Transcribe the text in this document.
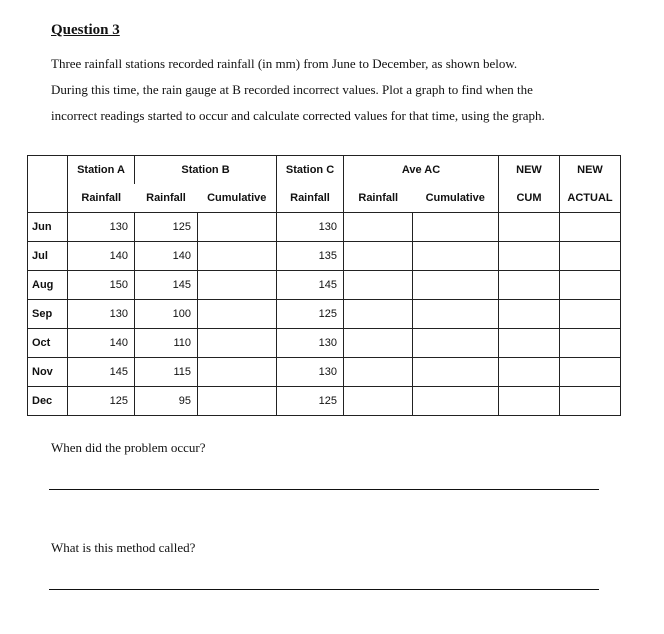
Question 3
Three rainfall stations recorded rainfall (in mm) from June to December, as shown below.
During this time, the rain gauge at B recorded incorrect values. Plot a graph to find when the
incorrect readings started to occur and calculate corrected values for that time, using the graph.
	Station A	Station B		Station C	Ave AC		NEW	NEW
	Rainfall	Rainfall	Cumulative	Rainfall	Rainfall	Cumulative	CUM	ACTUAL
Jun	130	125		130				
Jul	140	140		135				
Aug	150	145		145				
Sep	130	100		125				
Oct	140	110		130				
Nov	145	115		130				
Dec	125	95		125				
When did the problem occur?
What is this method called?
